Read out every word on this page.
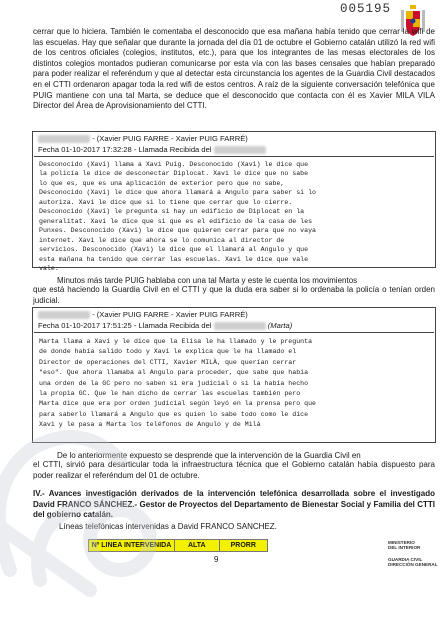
005195
cerrar que lo hiciera. También le comentaba el desconocido que esa mañana había tenido que cerrar la wifi de las escuelas. Hay que señalar que durante la jornada del día 01 de octubre el Gobierno catalán utilizó la red wifi de los centros oficiales (colegios, institutos, etc.), para que los integrantes de las mesas electorales de los distintos colegios montados pudieran comunicarse por esta vía con las bases censales que habían preparado para poder realizar el referéndum y que al detectar esta circunstancia los agentes de la Guardia Civil destacados en el CTTI ordenaron apagar toda la red wifi de estos centros. A raíz de la siguiente conversación telefónica que PUIG mantiene con una tal Marta, se deduce que el desconocido que contacta con él es Xavier MILA VILA Director del Área de Aprovisionamiento del CTTI.
- (Xavier PUIG FARRE - Xavier PUIG FARRÉ)
Fecha 01-10-2017 17:32:28 - Llamada Recibida del
Desconocido (Xavi) llama a Xavi Puig. Desconocido (Xavi) le dice que
la policía le dice de desconectar Diplocat. Xavi le dice que no sabe
lo que es, que es una aplicación de exterior pero que no sabe,
Desconocido (Xavi) le dice que ahora llamará a Angulo para saber si lo
autoriza. Xavi le dice que si lo tiene que cerrar que lo cierre.
Desconocido (Xavi) le pregunta si hay un edificio de Diplocat en la
generalitat. Xavi le dice que si que es el edificio de la casa de les
Punxes. Desconocido (Xavi) le dice que quieren cerrar para que no vaya
internet. Xavi le dice que ahora se lo comunica al director de
servicios. Desconocido (Xavi) le dice que el llamará al Angulo y que
esta mañana ha tenido que cerrar las escuelas. Xavi le dice que vale
vale.
Minutos más tarde PUIG hablaba con una tal Marta y este le cuenta los movimientos
que está haciendo la Guardia Civil en el CTTI y que la duda era saber si lo ordenaba la policía o tenían orden judicial.
- (Xavier PUIG FARRE - Xavier PUIG FARRÉ)
Fecha 01-10-2017 17:51:25 - Llamada Recibida del	(Marta)
Marta llama a Xavi y le dice que la Elisa le ha llamado y le pregunta
de donde había salido todo y Xavi le explica que le ha llamado el
Director de operaciones del CTTI, Xavier MILÀ, que querían cerrar
"eso". Que ahora llamaba al Angulo para proceder, que sabe que había
una orden de la GC pero no saben si era judicial o si la había hecho
la propia GC. Que le han dicho de cerrar las escuelas también pero
Marta dice que era por orden judicial según leyó en la prensa pero que
para saberlo llamará a Angulo que es quien lo sabe todo como le dice
Xavi y le pasa a Marta los teléfonos de Angulo y de Milà
De lo anteriormente expuesto se desprende que la intervención de la Guardia Civil en
el CTTI, sirvió para desarticular toda la infraestructura técnica que el Gobierno catalán había dispuesto para poder realizar el referéndum del 01 de octubre.
IV.- Avances investigación derivados de la intervención telefónica desarrollada sobre el investigado David FRANCO SÁNCHEZ.- Gestor de Proyectos del Departamento de Bienestar Social y Familia del CTTI del gobierno catalán.
Líneas telefónicas intervenidas a David FRANCO SANCHEZ.
Nº LINEA INTERVENIDA	ALTA	PRORR
9
MINISTERIO
DEL INTERIOR
GUARDIA CIVIL
DIRECCIÓN GENERAL
